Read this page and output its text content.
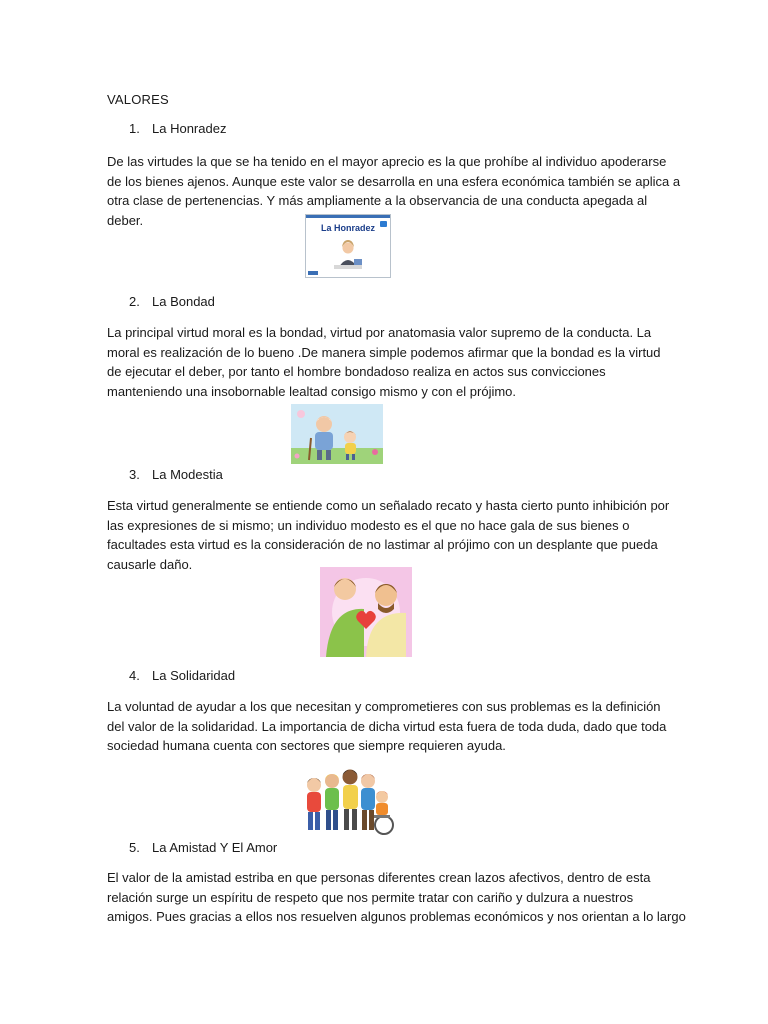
VALORES
1. La Honradez
De las virtudes la que se ha tenido en el mayor aprecio es la que prohíbe al individuo apoderarse
de los bienes ajenos. Aunque este valor se desarrolla en una esfera económica también se aplica a
otra clase de pertenencias. Y más ampliamente a la observancia de una conducta apegada al
deber.
La Honradez
2. La Bondad
La principal virtud moral es la bondad, virtud por anatomasia valor supremo de la conducta. La
moral es realización de lo bueno .De manera simple podemos afirmar que la bondad es la virtud
de ejecutar el deber, por tanto el hombre bondadoso realiza en actos sus convicciones
manteniendo una insobornable lealtad consigo mismo y con el prójimo.
3. La Modestia
Esta virtud generalmente se entiende como un señalado recato y hasta cierto punto inhibición por
las expresiones de si mismo; un individuo modesto es el que no hace gala de sus bienes o
facultades esta virtud es la consideración de no lastimar al prójimo con un desplante que pueda
causarle daño.
4. La Solidaridad
La voluntad de ayudar a los que necesitan y comprometieres con sus problemas es la definición
del valor de la solidaridad. La importancia de dicha virtud esta fuera de toda duda, dado que toda
sociedad humana cuenta con sectores que siempre requieren ayuda.
5. La Amistad Y El Amor
El valor de la amistad estriba en que personas diferentes crean lazos afectivos, dentro de esta
relación surge un espíritu de respeto que nos permite tratar con cariño y dulzura a nuestros
amigos. Pues gracias a ellos nos resuelven algunos problemas económicos y nos orientan a lo largo
